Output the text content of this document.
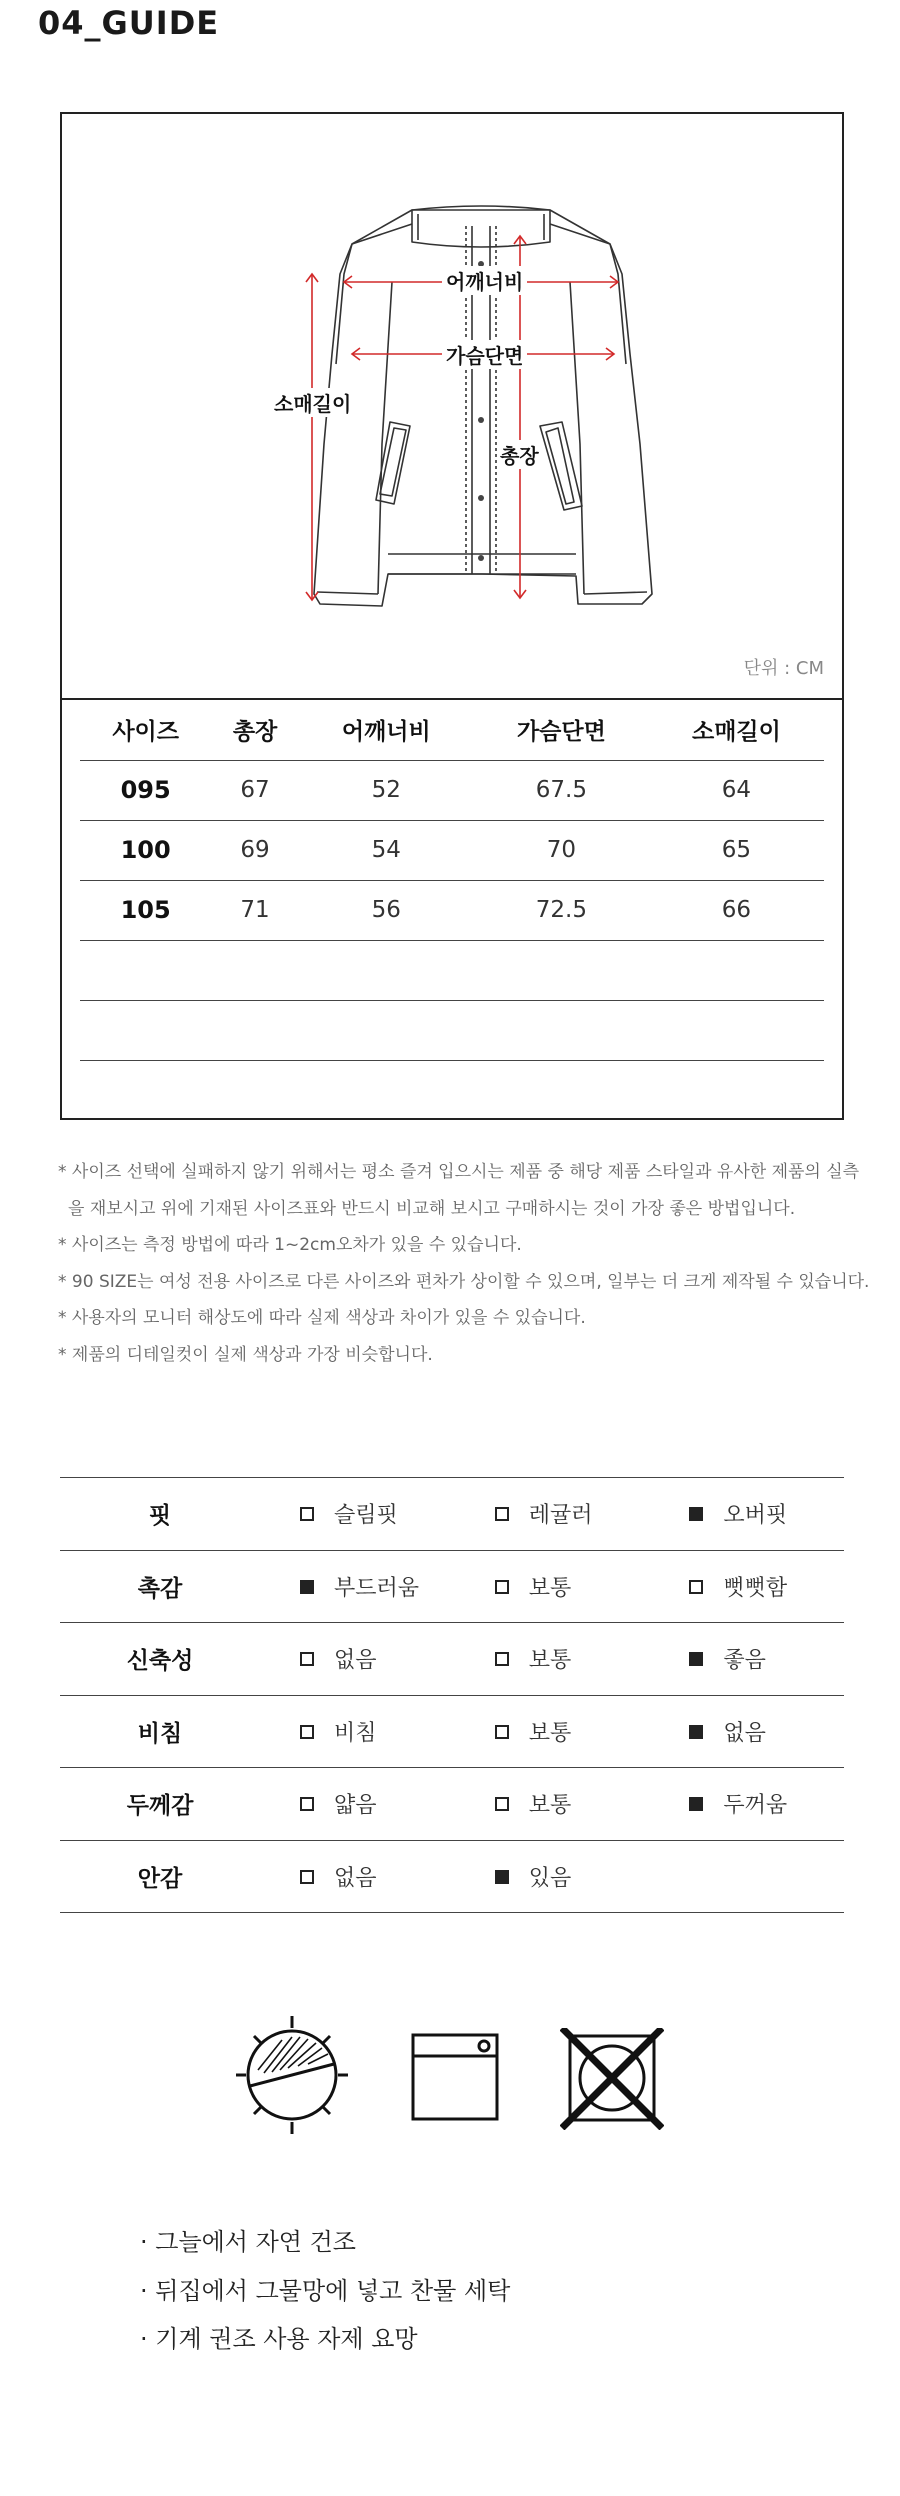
04_GUIDE
어깨너비
가슴단면
소매길이
총장
단위 : CM
사이즈	총장	어깨너비	가슴단면	소매길이
095	67	52	67.5	64
100	69	54	70	65
105	71	56	72.5	66

* 사이즈 선택에 실패하지 않기 위해서는 평소 즐겨 입으시는 제품 중 해당 제품 스타일과 유사한 제품의 실측
을 재보시고 위에 기재된 사이즈표와 반드시 비교해 보시고 구매하시는 것이 가장 좋은 방법입니다.
* 사이즈는 측정 방법에 따라 1~2cm오차가 있을 수 있습니다.
* 90 SIZE는 여성 전용 사이즈로 다른 사이즈와 편차가 상이할 수 있으며, 일부는 더 크게 제작될 수 있습니다.
* 사용자의 모니터 해상도에 따라 실제 색상과 차이가 있을 수 있습니다.
* 제품의 디테일컷이 실제 색상과 가장 비슷합니다.
핏	슬림핏	레귤러	오버핏
촉감	부드러움	보통	뻣뻣함
신축성	없음	보통	좋음
비침	비침	보통	없음
두께감	얇음	보통	두꺼움
안감	없음	있음	
· 그늘에서 자연 건조
· 뒤집에서 그물망에 넣고 찬물 세탁
· 기계 권조 사용 자제 요망
